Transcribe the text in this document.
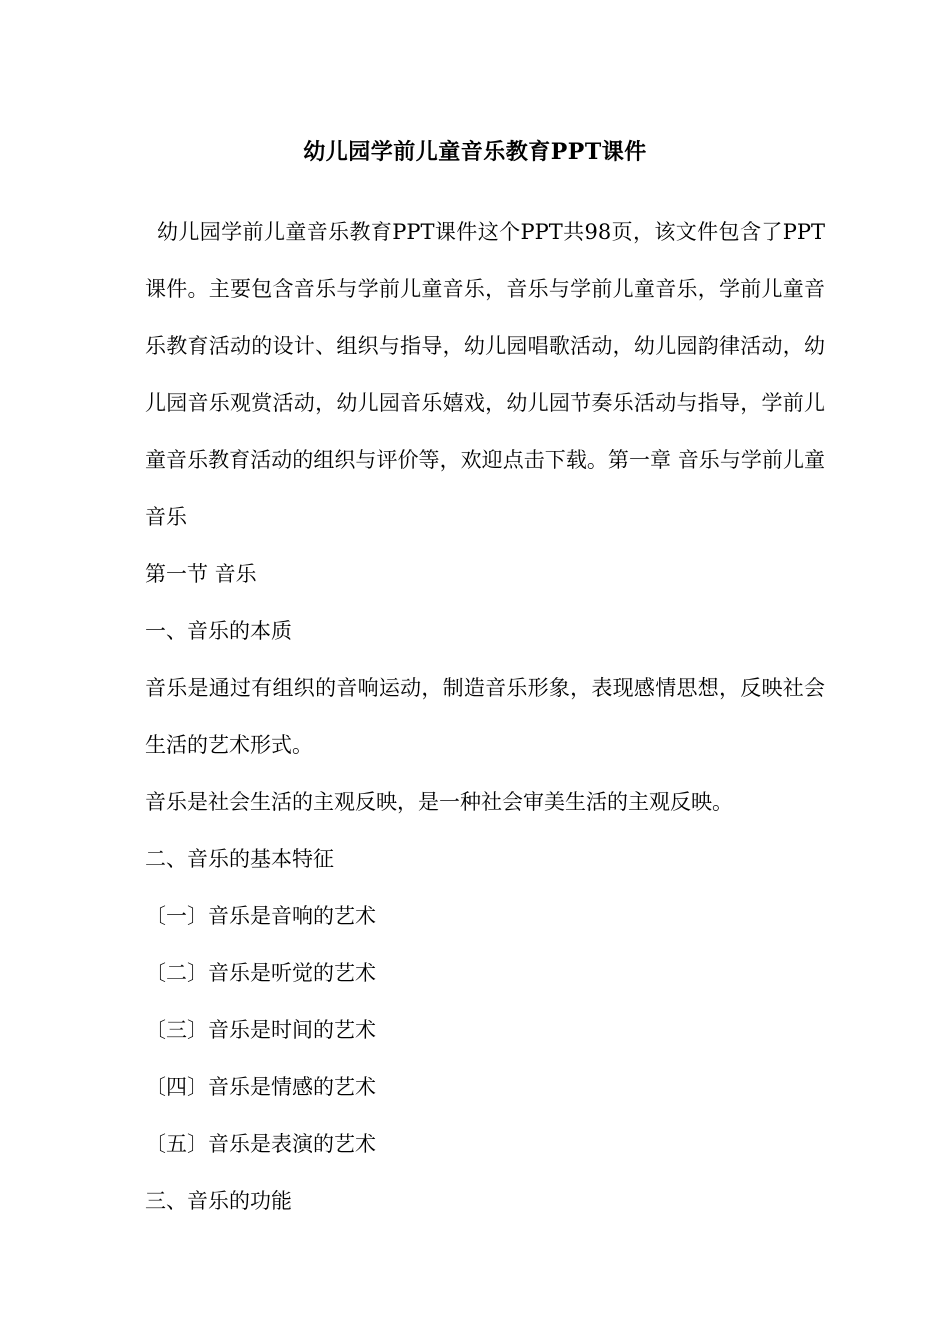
幼儿园学前儿童音乐教育PPT课件

幼儿园学前儿童音乐教育PPT课件这个PPT共98页，该文件包含了PPT课件。主要包含音乐与学前儿童音乐，音乐与学前儿童音乐，学前儿童音乐教育活动的设计、组织与指导，幼儿园唱歌活动，幼儿园韵律活动，幼儿园音乐观赏活动，幼儿园音乐嬉戏，幼儿园节奏乐活动与指导，学前儿童音乐教育活动的组织与评价等，欢迎点击下载。第一章 音乐与学前儿童音乐

第一节 音乐

一、音乐的本质

音乐是通过有组织的音响运动，制造音乐形象，表现感情思想，反映社会生活的艺术形式。

音乐是社会生活的主观反映，是一种社会审美生活的主观反映。

二、音乐的基本特征

〔一〕音乐是音响的艺术

〔二〕音乐是听觉的艺术

〔三〕音乐是时间的艺术

〔四〕音乐是情感的艺术

〔五〕音乐是表演的艺术

三、音乐的功能
